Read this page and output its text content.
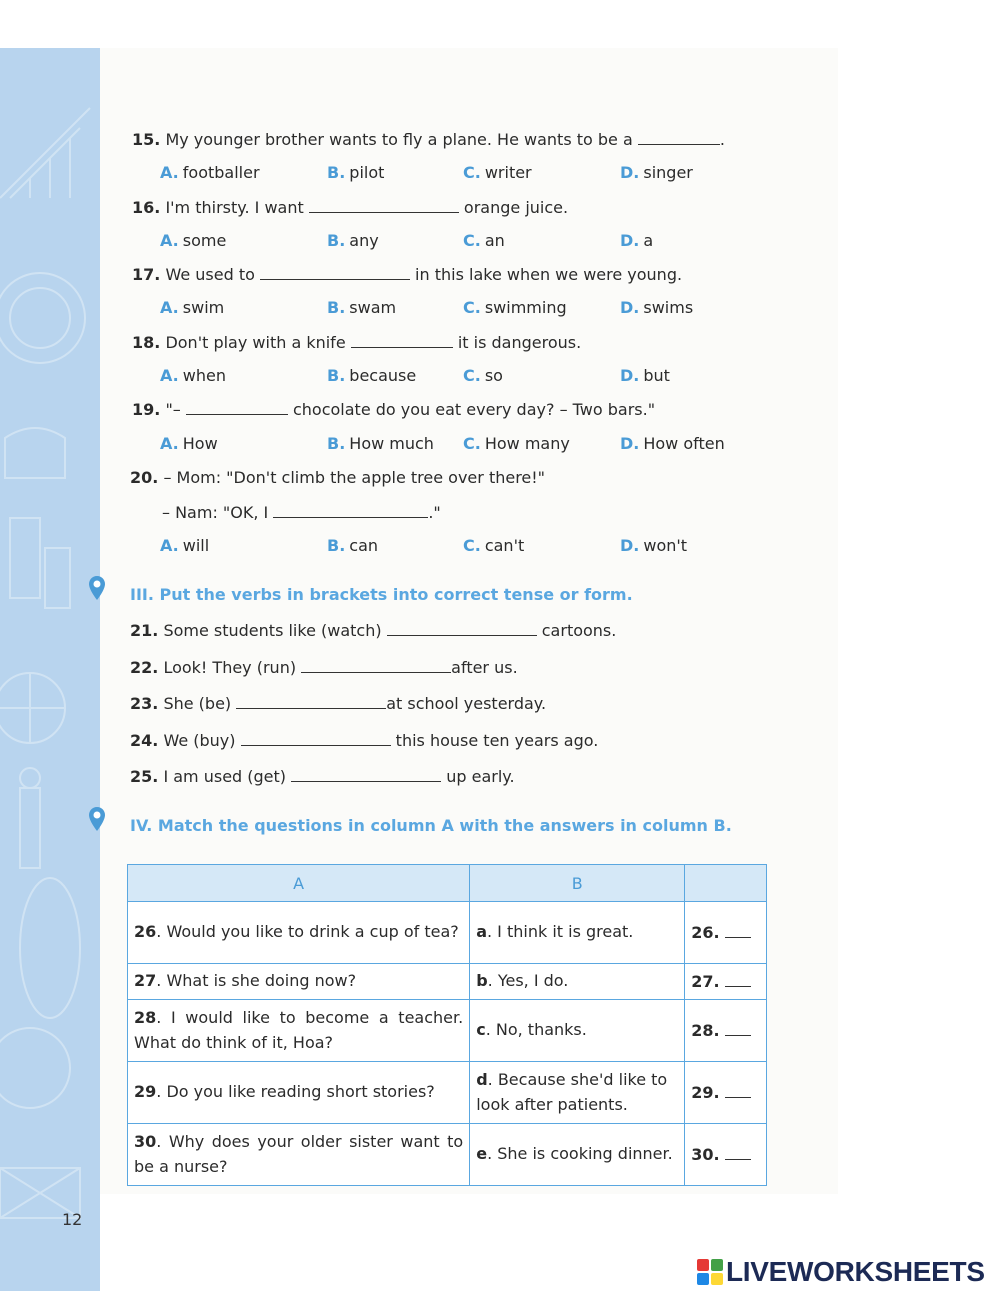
15. My younger brother wants to fly a plane. He wants to be a	.
A. footballer	B. pilot	C. writer	D. singer
16. I'm thirsty. I want	orange juice.
A. some	B. any	C. an	D. a
17. We used to	in this lake when we were young.
A. swim	B. swam	C. swimming	D. swims
18. Don't play with a knife	it is dangerous.
A. when	B. because	C. so	D. but
19. "–	chocolate do you eat every day? – Two bars."
A. How	B. How much C. How many	D. How often
20. – Mom: "Don't climb the apple tree over there!"
– Nam: "OK, I	."
A. will	B. can	C. can't	D. won't
III. Put the verbs in brackets into correct tense or form.
21. Some students like (watch)	cartoons.
22. Look! They (run)	after us.
23. She (be)	at school yesterday.
24. We (buy)	this house ten years ago.
25. I am used (get)	up early.
IV. Match the questions in column A with the answers in column B.
A	B	
26. Would you like to drink a cup of tea?	a. I think it is great.	26.
27. What is she doing now?	b. Yes, I do.	27.
28. I would like to become a teacher. What do think of it, Hoa?	c. No, thanks.	28.
29. Do you like reading short stories?	d. Because she'd like to look after patients.	29.
30. Why does your older sister want to be a nurse?	e. She is cooking dinner.	30.
12
LIVEWORKSHEETS
